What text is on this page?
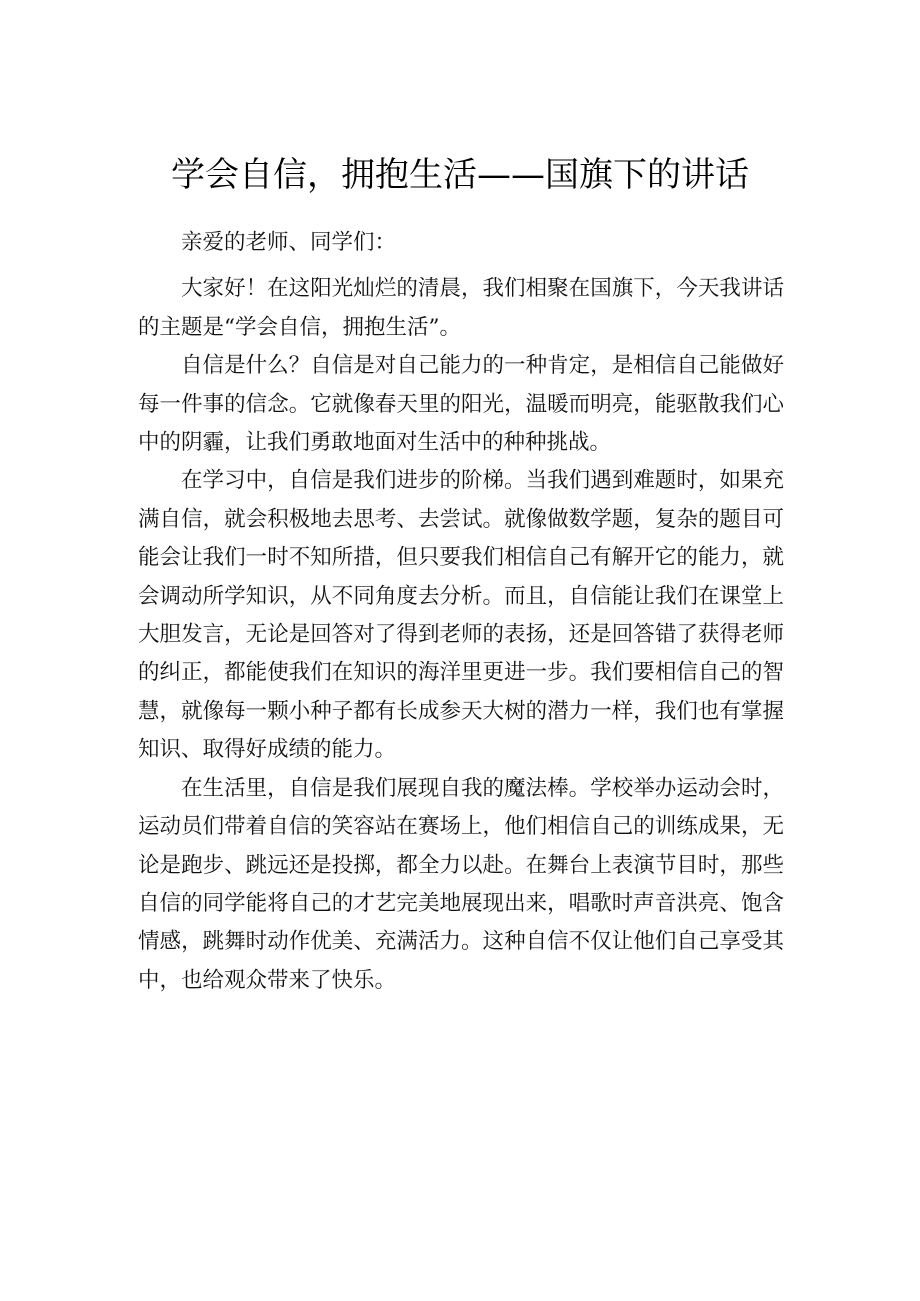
学会自信，拥抱生活——国旗下的讲话

亲爱的老师、同学们：

大家好！在这阳光灿烂的清晨，我们相聚在国旗下，今天我讲话的主题是“学会自信，拥抱生活”。

自信是什么？自信是对自己能力的一种肯定，是相信自己能做好每一件事的信念。它就像春天里的阳光，温暖而明亮，能驱散我们心中的阴霾，让我们勇敢地面对生活中的种种挑战。

在学习中，自信是我们进步的阶梯。当我们遇到难题时，如果充满自信，就会积极地去思考、去尝试。就像做数学题，复杂的题目可能会让我们一时不知所措，但只要我们相信自己有解开它的能力，就会调动所学知识，从不同角度去分析。而且，自信能让我们在课堂上大胆发言，无论是回答对了得到老师的表扬，还是回答错了获得老师的纠正，都能使我们在知识的海洋里更进一步。我们要相信自己的智慧，就像每一颗小种子都有长成参天大树的潜力一样，我们也有掌握知识、取得好成绩的能力。

在生活里，自信是我们展现自我的魔法棒。学校举办运动会时，运动员们带着自信的笑容站在赛场上，他们相信自己的训练成果，无论是跑步、跳远还是投掷，都全力以赴。在舞台上表演节目时，那些自信的同学能将自己的才艺完美地展现出来，唱歌时声音洪亮、饱含情感，跳舞时动作优美、充满活力。这种自信不仅让他们自己享受其中，也给观众带来了快乐。
